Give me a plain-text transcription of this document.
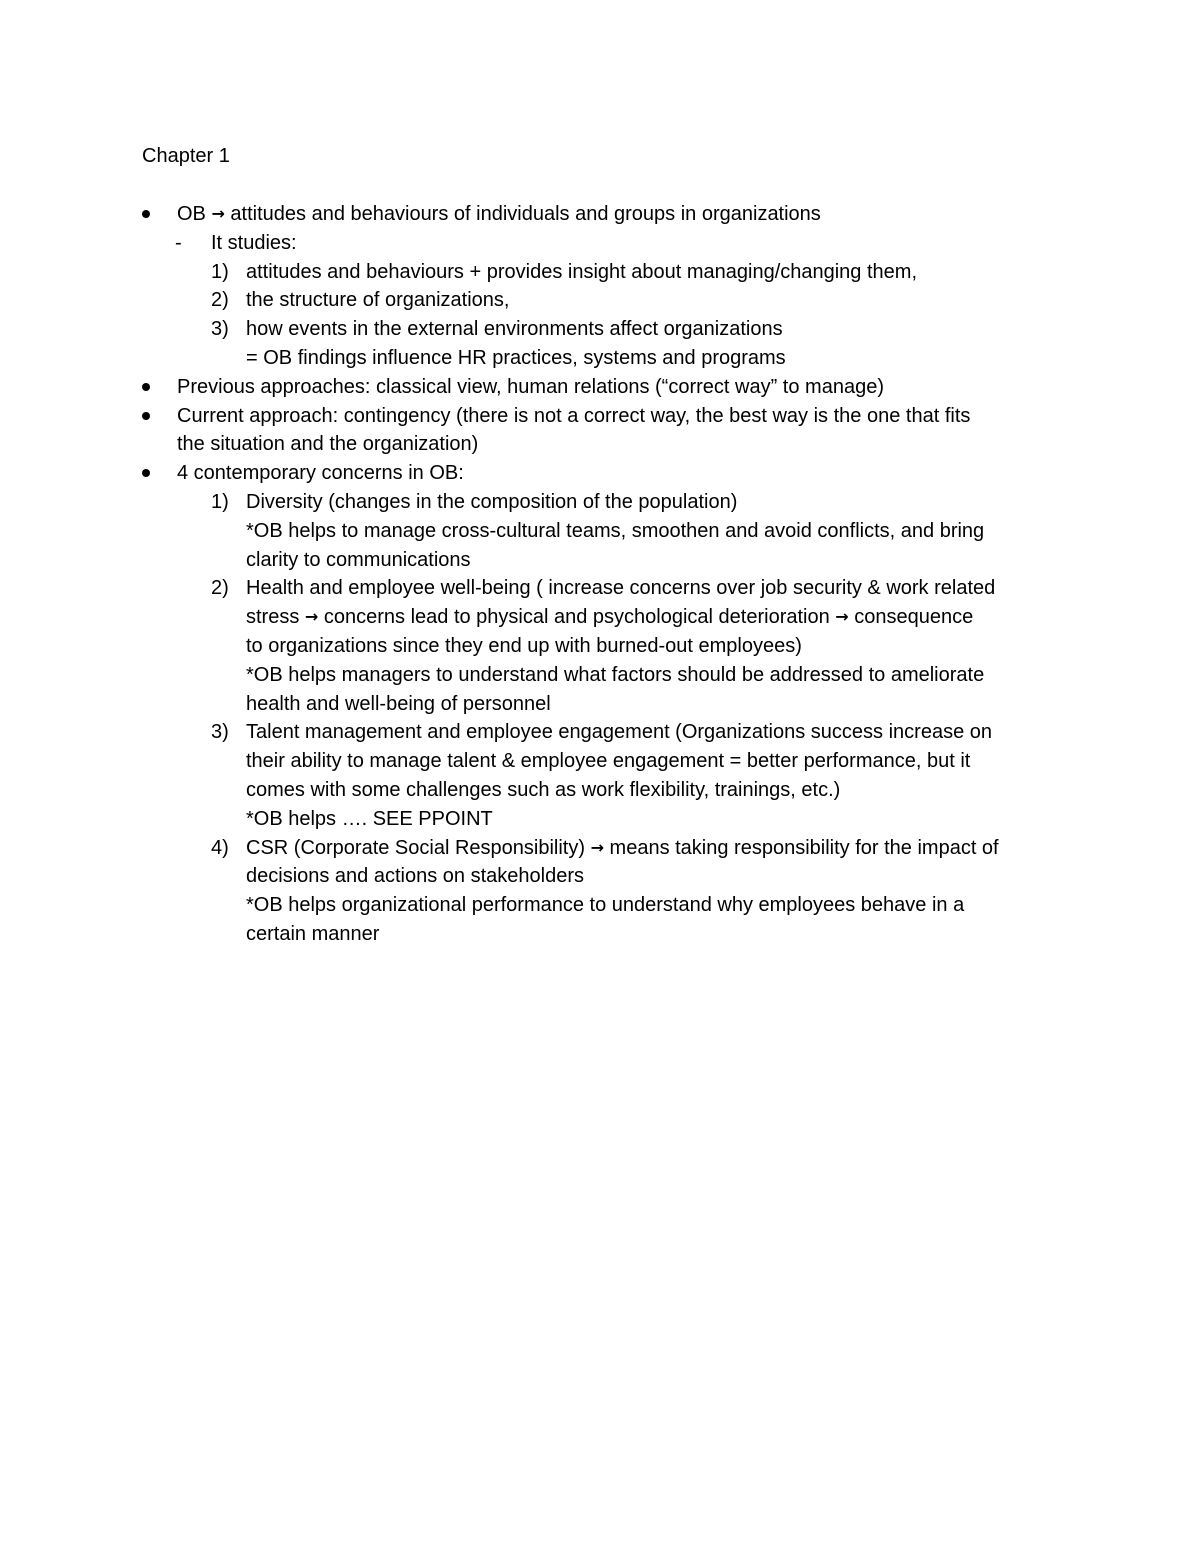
Chapter 1
OB → attitudes and behaviours of individuals and groups in organizations
- It studies:
1) attitudes and behaviours + provides insight about managing/changing them,
2) the structure of organizations,
3) how events in the external environments affect organizations
= OB findings influence HR practices, systems and programs
Previous approaches: classical view, human relations (“correct way” to manage)
Current approach: contingency (there is not a correct way, the best way is the one that fits
the situation and the organization)
4 contemporary concerns in OB:
1) Diversity (changes in the composition of the population)
*OB helps to manage cross-cultural teams, smoothen and avoid conflicts, and bring
clarity to communications
2) Health and employee well-being ( increase concerns over job security & work related
stress → concerns lead to physical and psychological deterioration → consequence
to organizations since they end up with burned-out employees)
*OB helps managers to understand what factors should be addressed to ameliorate
health and well-being of personnel
3) Talent management and employee engagement (Organizations success increase on
their ability to manage talent & employee engagement = better performance, but it
comes with some challenges such as work flexibility, trainings, etc.)
*OB helps …. SEE PPOINT
4) CSR (Corporate Social Responsibility) → means taking responsibility for the impact of
decisions and actions on stakeholders
*OB helps organizational performance to understand why employees behave in a
certain manner
